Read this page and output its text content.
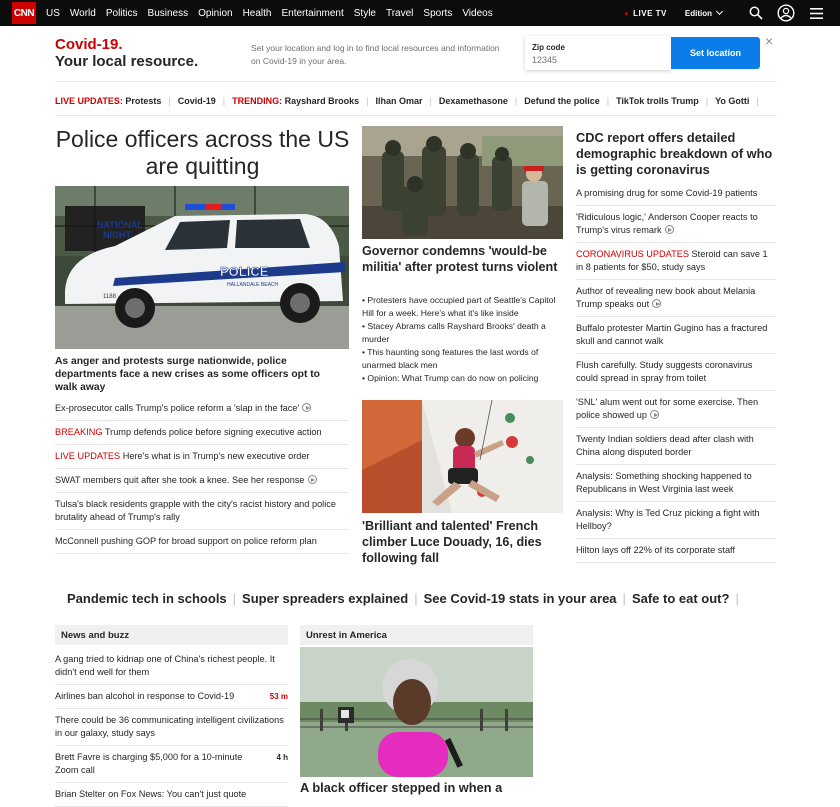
CNN US World Politics Business Opinion Health Entertainment Style Travel Sports Videos	LIVE TV Edition
Covid-19.
Your local resource.
Set your location and log in to find local resources and information on Covid-19 in your area.
Zip code
12345
Set location
×
LIVE UPDATES:
Protests | Covid-19 | TRENDING:
Rayshard Brooks | Ilhan Omar | Dexamethasone | Defund the police | TikTok trolls Trump | Yo Gotti |
Police officers across the US are quitting
NATIONAL
NIGHT
POLICE
HALLANDALE BEACH
1188
As anger and protests surge nationwide, police departments face a new crises as some officers opt to walk away
Ex-prosecutor calls Trump's police reform a 'slap in the face'
BREAKING Trump defends police before signing executive action
LIVE UPDATES Here's what is in Trump's new executive order
SWAT members quit after she took a knee. See her response
Tulsa's black residents grapple with the city's racist history and police brutality ahead of Trump's rally
McConnell pushing GOP for broad support on police reform plan
Governor condemns 'would-be militia' after protest turns violent
• Protesters have occupied part of Seattle's Capitol Hill for a week. Here's what it's like inside
• Stacey Abrams calls Rayshard Brooks' death a murder
• This haunting song features the last words of unarmed black men
• Opinion: What Trump can do now on policing
'Brilliant and talented' French climber Luce Douady, 16, dies following fall
CDC report offers detailed demographic breakdown of who is getting coronavirus
A promising drug for some Covid-19 patients
'Ridiculous logic,' Anderson Cooper reacts to Trump's virus remark
CORONAVIRUS UPDATES Steroid can save 1 in 8 patients for $50, study says
Author of revealing new book about Melania Trump speaks out
Buffalo protester Martin Gugino has a fractured skull and cannot walk
Flush carefully. Study suggests coronavirus could spread in spray from toilet
'SNL' alum went out for some exercise. Then police showed up
Twenty Indian soldiers dead after clash with China along disputed border
Analysis: Something shocking happened to Republicans in West Virginia last week
Analysis: Why is Ted Cruz picking a fight with Hellboy?
Hilton lays off 22% of its corporate staff
Pandemic tech in schools | Super spreaders explained | See Covid-19 stats in your area | Safe to eat out? |
News and buzz
A gang tried to kidnap one of China's richest people. It didn't end well for them
53 m
Airlines ban alcohol in response to Covid-19
There could be 36 communicating intelligent civilizations in our galaxy, study says
4 h
Brett Favre is charging $5,000 for a 10-minute Zoom call
Brian Stelter on Fox News: You can't just quote
Unrest in America
A black officer stepped in when a
